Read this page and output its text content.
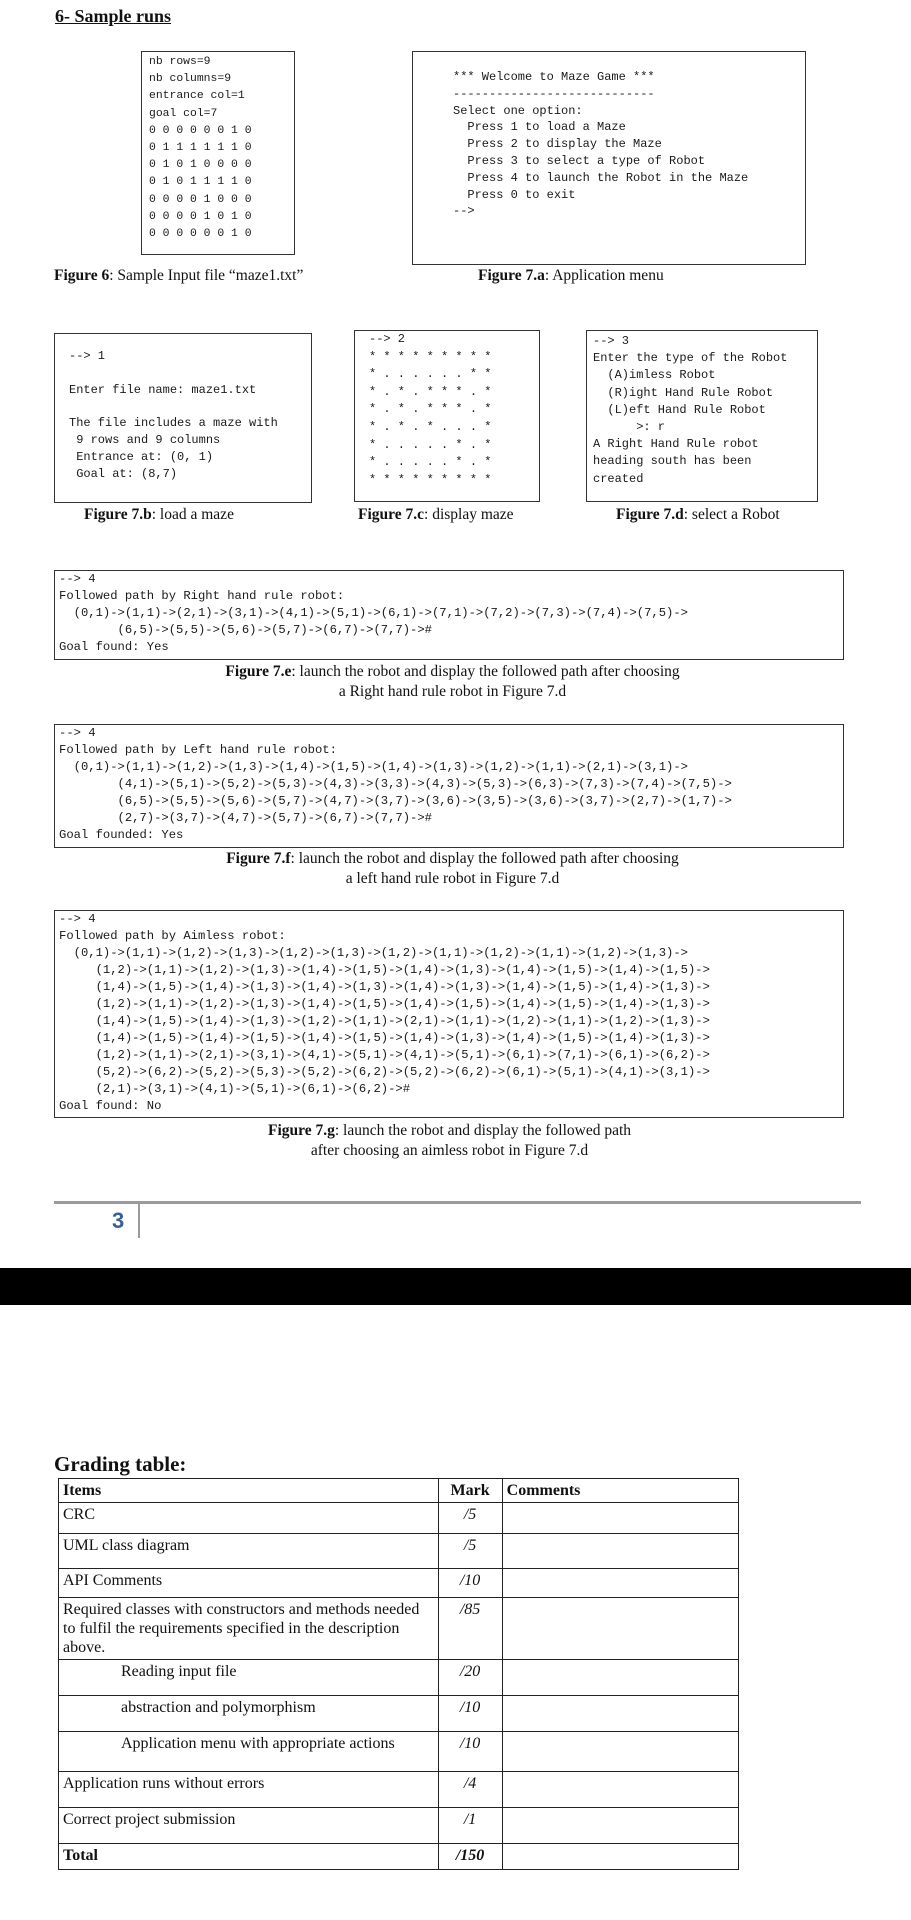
6- Sample runs
nb rows=9
nb columns=9
entrance col=1
goal col=7
0 0 0 0 0 0 1 0
0 1 1 1 1 1 1 0
0 1 0 1 0 0 0 0
0 1 0 1 1 1 1 0
0 0 0 0 1 0 0 0
0 0 0 0 1 0 1 0
0 0 0 0 0 0 1 0
Figure 6: Sample Input file “maze1.txt”
*** Welcome to Maze Game ***
----------------------------
Select one option:
Press 1 to load a Maze
Press 2 to display the Maze
Press 3 to select a type of Robot
Press 4 to launch the Robot in the Maze
Press 0 to exit
-->
Figure 7.a: Application menu
--> 1

Enter file name: maze1.txt

The file includes a maze with
9 rows and 9 columns
Entrance at: (0, 1)
Goal at: (8,7)
Figure 7.b: load a maze
--> 2
* * * * * * * * *
* . . . . . . * *
* . * . * * * . *
* . * . * * * . *
* . * . * . . . *
* . . . . . * . *
* . . . . . * . *
* * * * * * * * *
Figure 7.c: display maze
--> 3
Enter the type of the Robot
(A)imless Robot
(R)ight Hand Rule Robot
(L)eft Hand Rule Robot
>: r
A Right Hand Rule robot
heading south has been
created
Figure 7.d: select a Robot
--> 4
Followed path by Right hand rule robot:
(0,1)->(1,1)->(2,1)->(3,1)->(4,1)->(5,1)->(6,1)->(7,1)->(7,2)->(7,3)->(7,4)->(7,5)->
(6,5)->(5,5)->(5,6)->(5,7)->(6,7)->(7,7)->#
Goal found: Yes
Figure 7.e: launch the robot and display the followed path after choosing
a Right hand rule robot in Figure 7.d
--> 4
Followed path by Left hand rule robot:
(0,1)->(1,1)->(1,2)->(1,3)->(1,4)->(1,5)->(1,4)->(1,3)->(1,2)->(1,1)->(2,1)->(3,1)->
(4,1)->(5,1)->(5,2)->(5,3)->(4,3)->(3,3)->(4,3)->(5,3)->(6,3)->(7,3)->(7,4)->(7,5)->
(6,5)->(5,5)->(5,6)->(5,7)->(4,7)->(3,7)->(3,6)->(3,5)->(3,6)->(3,7)->(2,7)->(1,7)->
(2,7)->(3,7)->(4,7)->(5,7)->(6,7)->(7,7)->#
Goal founded: Yes
Figure 7.f: launch the robot and display the followed path after choosing
a left hand rule robot in Figure 7.d
--> 4
Followed path by Aimless robot:
(0,1)->(1,1)->(1,2)->(1,3)->(1,2)->(1,3)->(1,2)->(1,1)->(1,2)->(1,1)->(1,2)->(1,3)->
(1,2)->(1,1)->(1,2)->(1,3)->(1,4)->(1,5)->(1,4)->(1,3)->(1,4)->(1,5)->(1,4)->(1,5)->
(1,4)->(1,5)->(1,4)->(1,3)->(1,4)->(1,3)->(1,4)->(1,3)->(1,4)->(1,5)->(1,4)->(1,3)->
(1,2)->(1,1)->(1,2)->(1,3)->(1,4)->(1,5)->(1,4)->(1,5)->(1,4)->(1,5)->(1,4)->(1,3)->
(1,4)->(1,5)->(1,4)->(1,3)->(1,2)->(1,1)->(2,1)->(1,1)->(1,2)->(1,1)->(1,2)->(1,3)->
(1,4)->(1,5)->(1,4)->(1,5)->(1,4)->(1,5)->(1,4)->(1,3)->(1,4)->(1,5)->(1,4)->(1,3)->
(1,2)->(1,1)->(2,1)->(3,1)->(4,1)->(5,1)->(4,1)->(5,1)->(6,1)->(7,1)->(6,1)->(6,2)->
(5,2)->(6,2)->(5,2)->(5,3)->(5,2)->(6,2)->(5,2)->(6,2)->(6,1)->(5,1)->(4,1)->(3,1)->
(2,1)->(3,1)->(4,1)->(5,1)->(6,1)->(6,2)->#
Goal found: No
Figure 7.g: launch the robot and display the followed path
after choosing an aimless robot in Figure 7.d
3
Grading table:
Items	Mark	Comments
CRC	/5	
UML class diagram	/5	
API Comments	/10	
Required classes with constructors and methods needed to fulfil the requirements specified in the description above.	/85	
Reading input file	/20	
abstraction and polymorphism	/10	
Application menu with appropriate actions	/10	
Application runs without errors	/4	
Correct project submission	/1	
Total	/150	
